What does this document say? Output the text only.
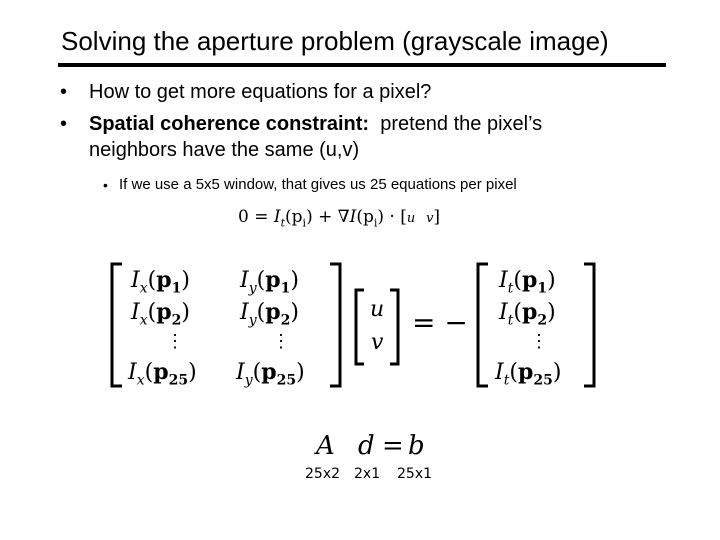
Solving the aperture problem (grayscale image)
• How to get more equations for a pixel?
• Spatial coherence constraint:  pretend the pixel’s
neighbors have the same (u,v)
• If we use a 5x5 window, that gives us 25 equations per pixel
$0 = I_t(p_i) + \nabla I(p_i) \cdot [u$ v]
$I_x(p_1)$ $I_y(p_1)$
$I_x(p_2)$ $I_y(p_2)$
⋮	⋮
$I_x(p_{25})$ $I_y(p_{25})$
u
v
= −
$I_t(p_1)$
$I_t(p_2)$
⋮
$I_t(p_{25})$
A d = b
25x2 2x1 25x1
